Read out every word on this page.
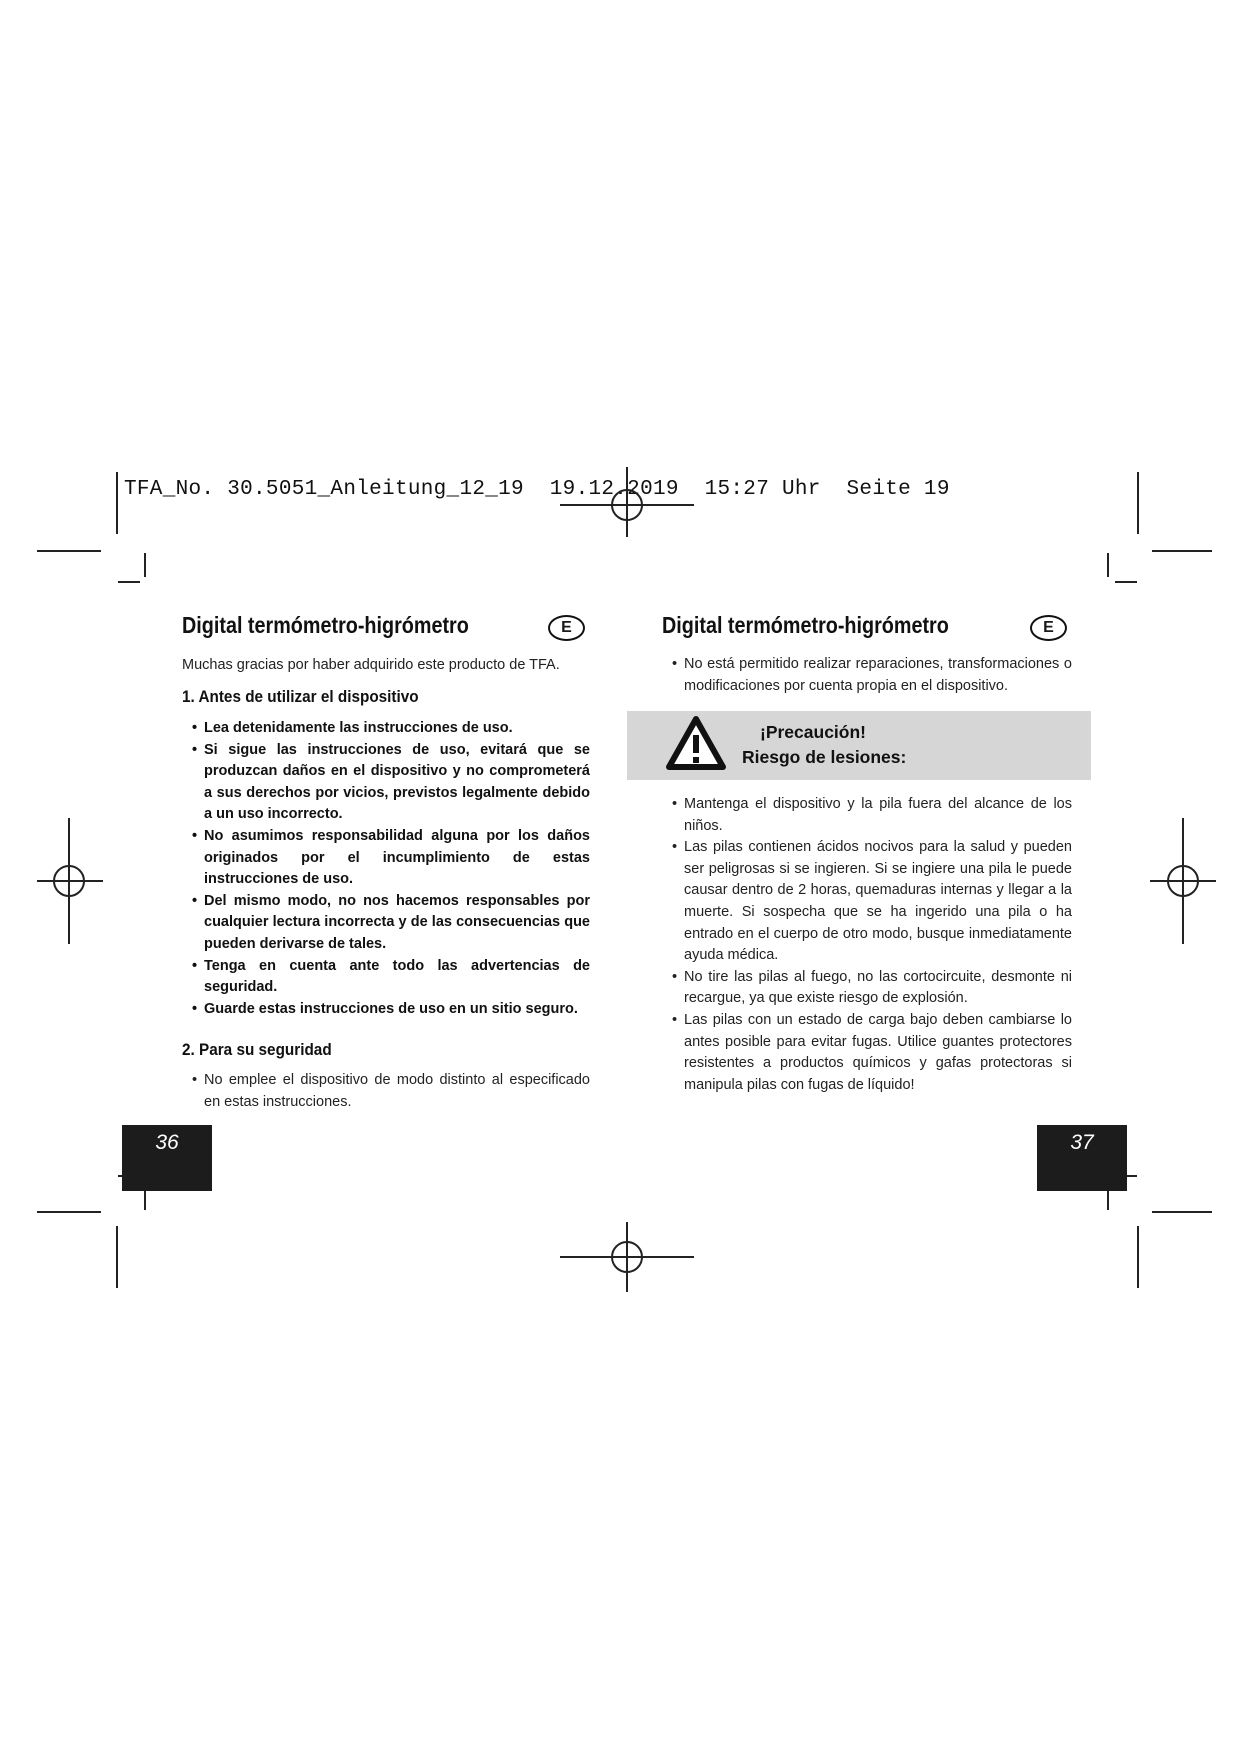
TFA_No. 30.5051_Anleitung_12_19  19.12.2019  15:27 Uhr  Seite 19
Digital termómetro-higrómetro	E
Muchas gracias por haber adquirido este producto de TFA.
1. Antes de utilizar el dispositivo
• Lea detenidamente las instrucciones de uso.
• Si sigue las instrucciones de uso, evitará que se produzcan daños en el dispositivo y no comprometerá a sus derechos por vicios, previstos legalmente debido a un uso incorrecto.
• No asumimos responsabilidad alguna por los daños originados por el incumplimiento de estas instrucciones de uso.
• Del mismo modo, no nos hacemos responsables por cualquier lectura incorrecta y de las consecuencias que pueden derivarse de tales.
• Tenga en cuenta ante todo las advertencias de seguridad.
• Guarde estas instrucciones de uso en un sitio seguro.
2. Para su seguridad
• No emplee el dispositivo de modo distinto al especificado en estas instrucciones.
36
Digital termómetro-higrómetro	E
• No está permitido realizar reparaciones, transformaciones o modificaciones por cuenta propia en el dispositivo.
¡Precaución!
Riesgo de lesiones:
• Mantenga el dispositivo y la pila fuera del alcance de los niños.
• Las pilas contienen ácidos nocivos para la salud y pueden ser peligrosas si se ingieren. Si se ingiere una pila le puede causar dentro de 2 horas, quemaduras internas y llegar a la muerte. Si sospecha que se ha ingerido una pila o ha entrado en el cuerpo de otro modo, busque inmediatamente ayuda médica.
• No tire las pilas al fuego, no las cortocircuite, desmonte ni recargue, ya que existe riesgo de explosión.
• Las pilas con un estado de carga bajo deben cambiarse lo antes posible para evitar fugas. Utilice guantes protectores resistentes a productos químicos y gafas protectoras si manipula pilas con fugas de líquido!
37
